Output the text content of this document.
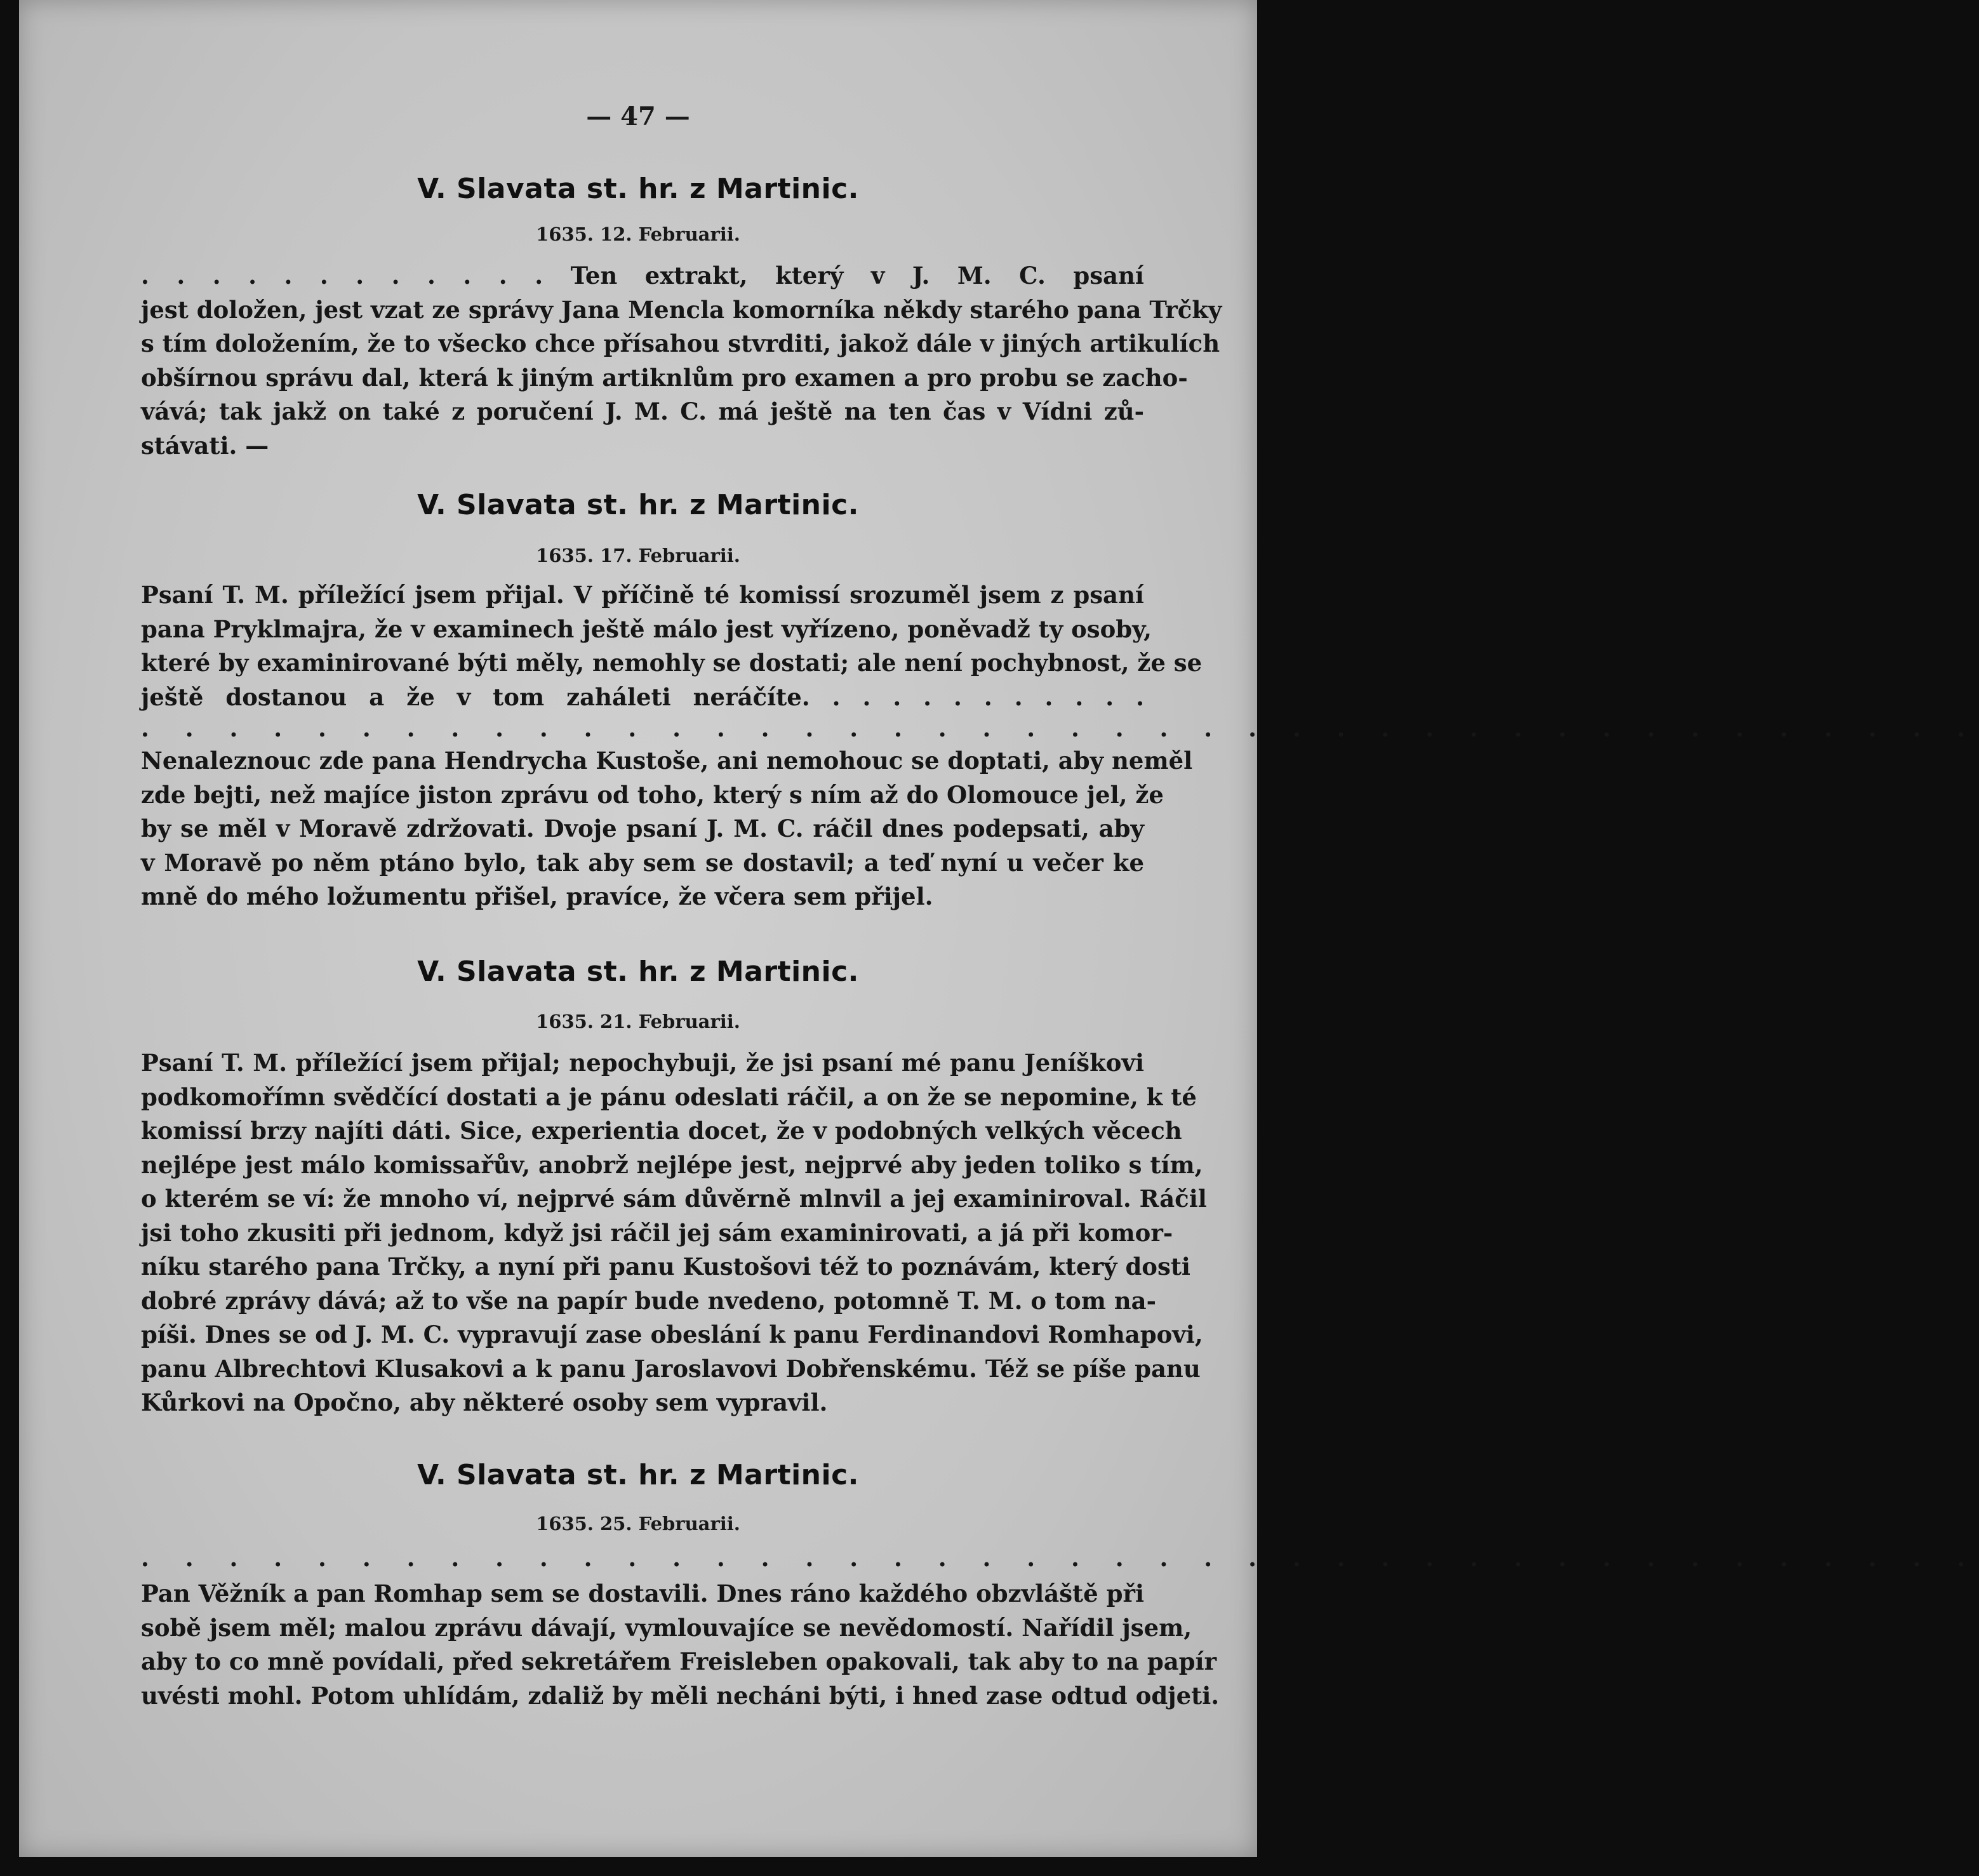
— 47 —
V. Slavata st. hr. z Martinic.
1635. 12. Februarii.
. . . . . . . . . . . . Ten extrakt, který v J. M. C. psaní
jest doložen, jest vzat ze správy Jana Mencla komorníka někdy starého pana Trčky
s tím doložením, že to všecko chce přísahou stvrditi, jakož dále v jiných artikulích
obšírnou správu dal, která k jiným artiknlům pro examen a pro probu se zacho-
vává; tak jakž on také z poručení J. M. C. má ještě na ten čas v Vídni zů-
stávati. —
V. Slavata st. hr. z Martinic.
1635. 17. Februarii.
Psaní T. M. příležící jsem přijal. V příčině té komissí srozuměl jsem z psaní
pana Pryklmajra, že v examinech ještě málo jest vyřízeno, poněvadž ty osoby,
které by examinirované býti měly, nemohly se dostati; ale není pochybnost, že se
ještě dostanou a že v tom zaháleti neráčíte. . . . . . . . . . . .
. . . . . . . . . . . . . . . . . . . . . . . . . . . . . . . . . . . . . . . . . .
Nenaleznouc zde pana Hendrycha Kustoše, ani nemohouc se doptati, aby neměl
zde bejti, než majíce jiston zprávu od toho, který s ním až do Olomouce jel, že
by se měl v Moravě zdržovati. Dvoje psaní J. M. C. ráčil dnes podepsati, aby
v Moravě po něm ptáno bylo, tak aby sem se dostavil; a teď nyní u večer ke
mně do mého ložumentu přišel, pravíce, že včera sem přijel.
V. Slavata st. hr. z Martinic.
1635. 21. Februarii.
Psaní T. M. příležící jsem přijal; nepochybuji, že jsi psaní mé panu Jeníškovi
podkomořímn svědčící dostati a je pánu odeslati ráčil, a on že se nepomine, k té
komissí brzy najíti dáti. Sice, experientia docet, že v podobných velkých věcech
nejlépe jest málo komissařův, anobrž nejlépe jest, nejprvé aby jeden toliko s tím,
o kterém se ví: že mnoho ví, nejprvé sám důvěrně mlnvil a jej examiniroval. Ráčil
jsi toho zkusiti při jednom, když jsi ráčil jej sám examinirovati, a já při komor-
níku starého pana Trčky, a nyní při panu Kustošovi též to poznávám, který dosti
dobré zprávy dává; až to vše na papír bude nvedeno, potomně T. M. o tom na-
píši. Dnes se od J. M. C. vypravují zase obeslání k panu Ferdinandovi Romhapovi,
panu Albrechtovi Klusakovi a k panu Jaroslavovi Dobřenskému. Též se píše panu
Kůrkovi na Opočno, aby některé osoby sem vypravil.
V. Slavata st. hr. z Martinic.
1635. 25. Februarii.
. . . . . . . . . . . . . . . . . . . . . . . . . . . . . . . . . . . . . . . . . .
Pan Věžník a pan Romhap sem se dostavili. Dnes ráno každého obzvláště při
sobě jsem měl; malou zprávu dávají, vymlouvajíce se nevědomostí. Nařídil jsem,
aby to co mně povídali, před sekretářem Freisleben opakovali, tak aby to na papír
uvésti mohl. Potom uhlídám, zdaliž by měli necháni býti, i hned zase odtud odjeti.
